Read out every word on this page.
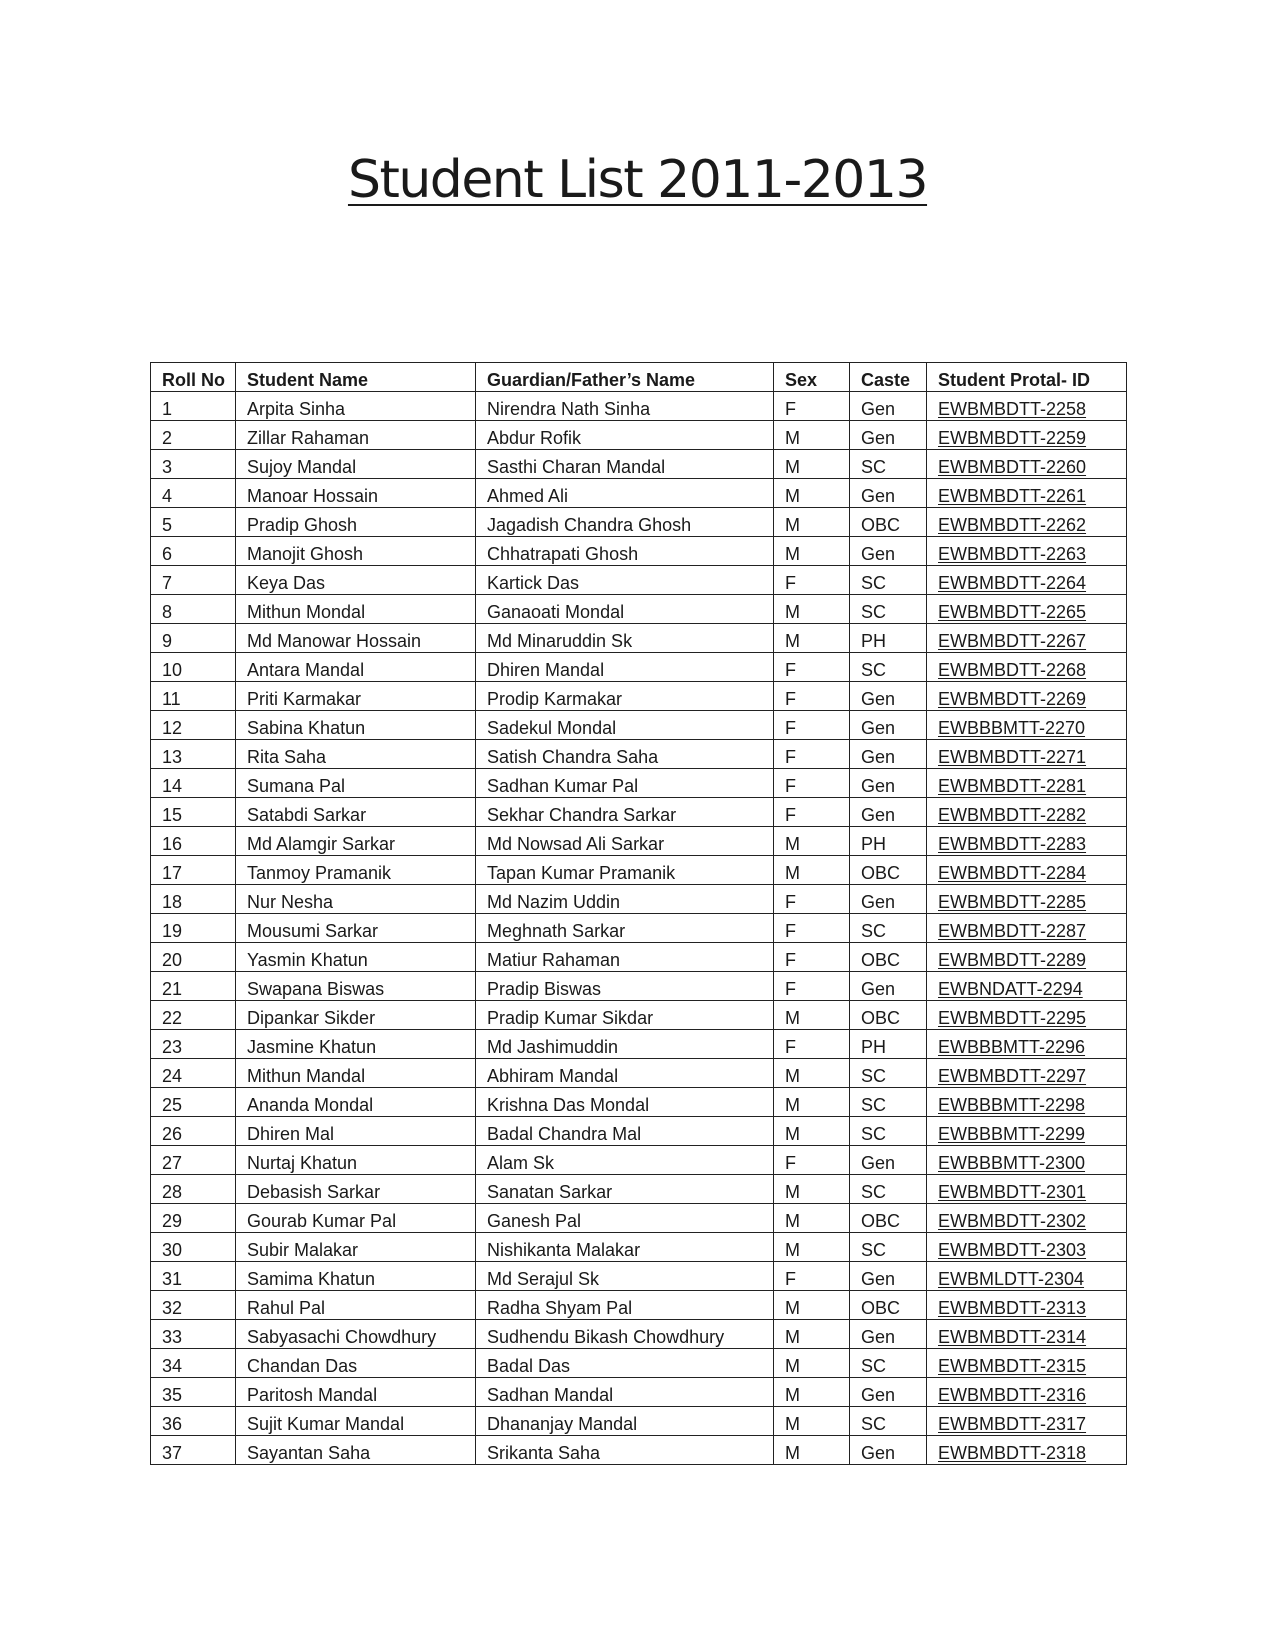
Student List 2011-2013
Roll No	Student Name	Guardian/Father’s Name	Sex	Caste	Student Protal- ID
1	Arpita Sinha	Nirendra Nath Sinha	F	Gen	EWBMBDTT-2258
2	Zillar Rahaman	Abdur Rofik	M	Gen	EWBMBDTT-2259
3	Sujoy Mandal	Sasthi Charan Mandal	M	SC	EWBMBDTT-2260
4	Manoar Hossain	Ahmed Ali	M	Gen	EWBMBDTT-2261
5	Pradip Ghosh	Jagadish Chandra Ghosh	M	OBC	EWBMBDTT-2262
6	Manojit Ghosh	Chhatrapati Ghosh	M	Gen	EWBMBDTT-2263
7	Keya Das	Kartick Das	F	SC	EWBMBDTT-2264
8	Mithun Mondal	Ganaoati Mondal	M	SC	EWBMBDTT-2265
9	Md Manowar Hossain	Md Minaruddin Sk	M	PH	EWBMBDTT-2267
10	Antara Mandal	Dhiren Mandal	F	SC	EWBMBDTT-2268
11	Priti Karmakar	Prodip Karmakar	F	Gen	EWBMBDTT-2269
12	Sabina Khatun	Sadekul Mondal	F	Gen	EWBBBMTT-2270
13	Rita Saha	Satish Chandra Saha	F	Gen	EWBMBDTT-2271
14	Sumana Pal	Sadhan Kumar Pal	F	Gen	EWBMBDTT-2281
15	Satabdi Sarkar	Sekhar Chandra Sarkar	F	Gen	EWBMBDTT-2282
16	Md Alamgir Sarkar	Md Nowsad Ali Sarkar	M	PH	EWBMBDTT-2283
17	Tanmoy Pramanik	Tapan Kumar Pramanik	M	OBC	EWBMBDTT-2284
18	Nur Nesha	Md Nazim Uddin	F	Gen	EWBMBDTT-2285
19	Mousumi Sarkar	Meghnath Sarkar	F	SC	EWBMBDTT-2287
20	Yasmin Khatun	Matiur Rahaman	F	OBC	EWBMBDTT-2289
21	Swapana Biswas	Pradip Biswas	F	Gen	EWBNDATT-2294
22	Dipankar Sikder	Pradip Kumar Sikdar	M	OBC	EWBMBDTT-2295
23	Jasmine Khatun	Md Jashimuddin	F	PH	EWBBBMTT-2296
24	Mithun Mandal	Abhiram Mandal	M	SC	EWBMBDTT-2297
25	Ananda Mondal	Krishna Das Mondal	M	SC	EWBBBMTT-2298
26	Dhiren Mal	Badal Chandra Mal	M	SC	EWBBBMTT-2299
27	Nurtaj Khatun	Alam Sk	F	Gen	EWBBBMTT-2300
28	Debasish Sarkar	Sanatan Sarkar	M	SC	EWBMBDTT-2301
29	Gourab Kumar Pal	Ganesh Pal	M	OBC	EWBMBDTT-2302
30	Subir Malakar	Nishikanta Malakar	M	SC	EWBMBDTT-2303
31	Samima Khatun	Md Serajul Sk	F	Gen	EWBMLDTT-2304
32	Rahul Pal	Radha Shyam Pal	M	OBC	EWBMBDTT-2313
33	Sabyasachi Chowdhury	Sudhendu Bikash Chowdhury	M	Gen	EWBMBDTT-2314
34	Chandan Das	Badal Das	M	SC	EWBMBDTT-2315
35	Paritosh Mandal	Sadhan Mandal	M	Gen	EWBMBDTT-2316
36	Sujit Kumar Mandal	Dhananjay Mandal	M	SC	EWBMBDTT-2317
37	Sayantan Saha	Srikanta Saha	M	Gen	EWBMBDTT-2318
